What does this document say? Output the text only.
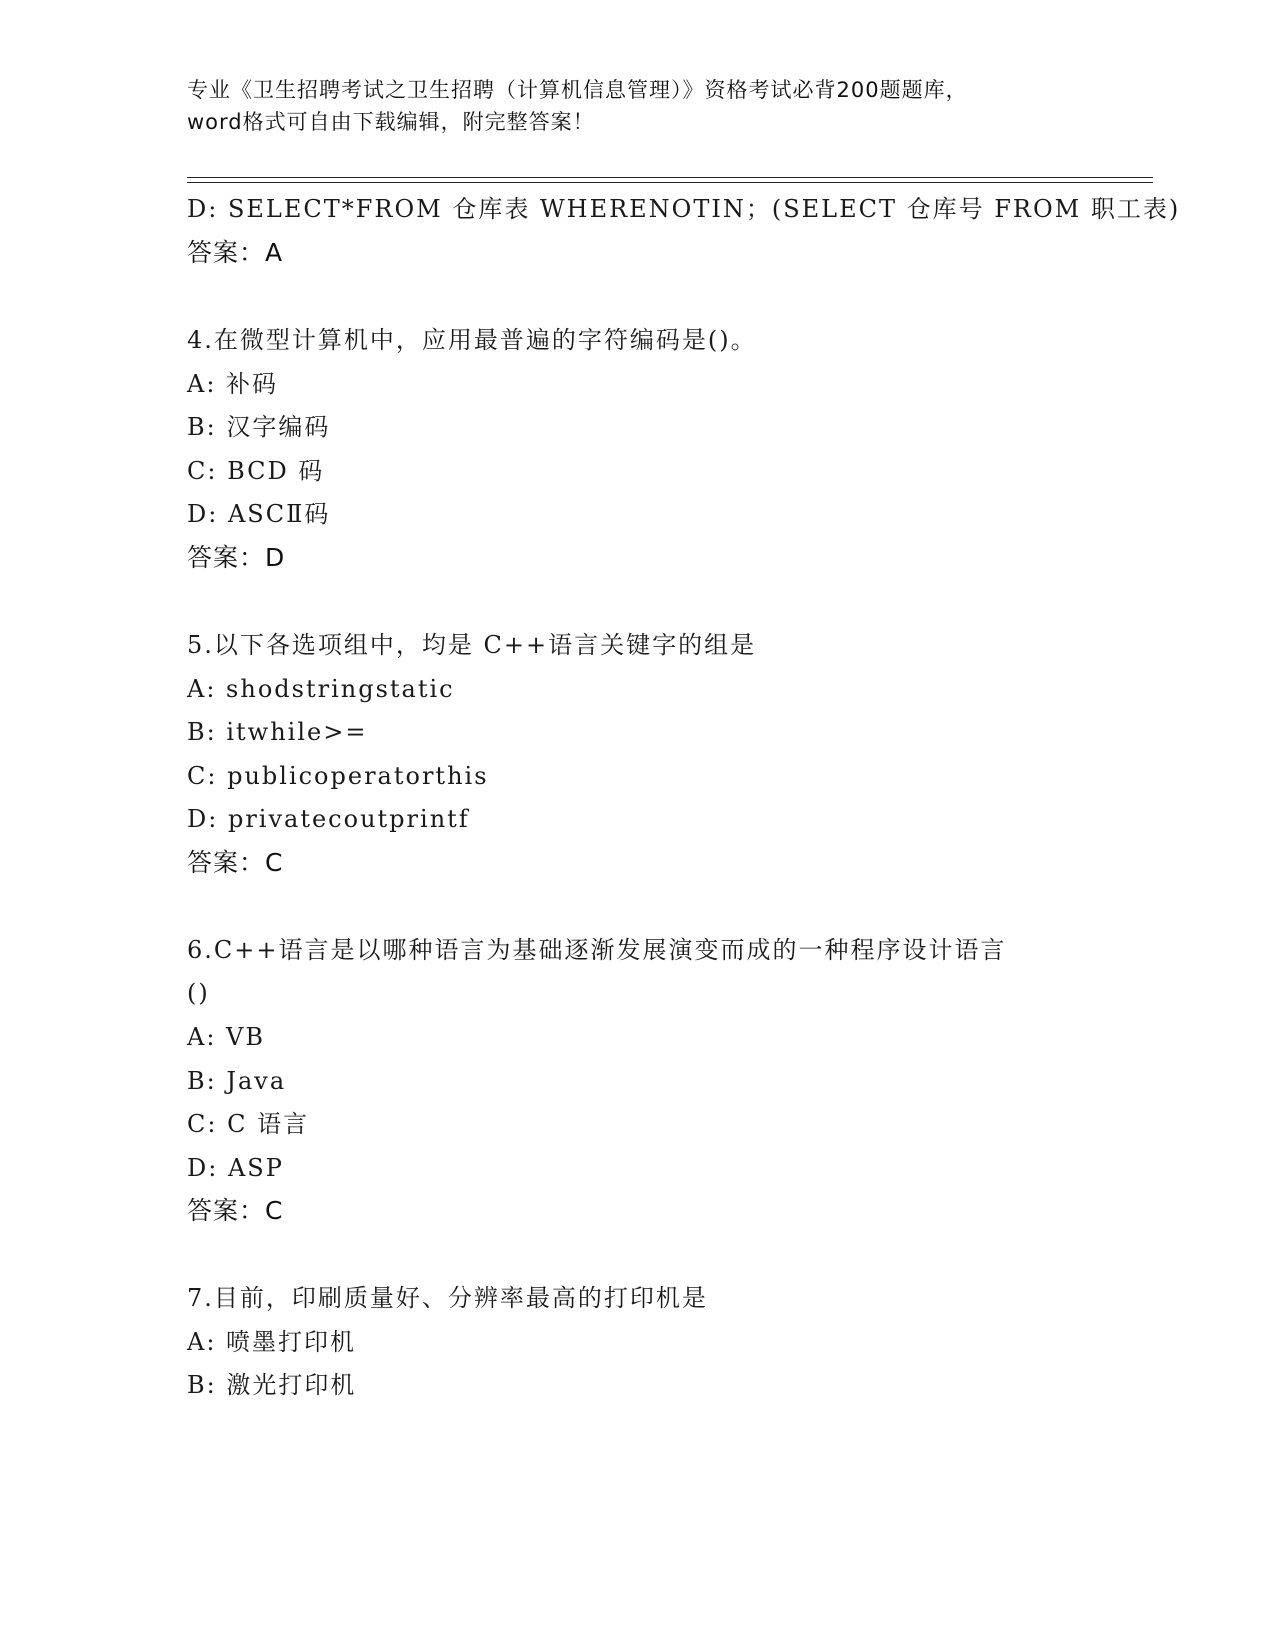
专业《卫生招聘考试之卫生招聘（计算机信息管理）》资格考试必背200题题库，
word格式可自由下载编辑，附完整答案！
D: SELECT*FROM 仓库表 WHERENOTIN；(SELECT 仓库号 FROM 职工表)
答案：A
4.在微型计算机中，应用最普遍的字符编码是()。
A: 补码
B: 汉字编码
C: BCD 码
D: ASCⅡ码
答案：D
5.以下各选项组中，均是 C++语言关键字的组是
A: shodstringstatic
B: itwhile>=
C: publicoperatorthis
D: privatecoutprintf
答案：C
6.C++语言是以哪种语言为基础逐渐发展演变而成的一种程序设计语言
()
A: VB
B: Java
C: C 语言
D: ASP
答案：C
7.目前，印刷质量好、分辨率最高的打印机是
A: 喷墨打印机
B: 激光打印机
